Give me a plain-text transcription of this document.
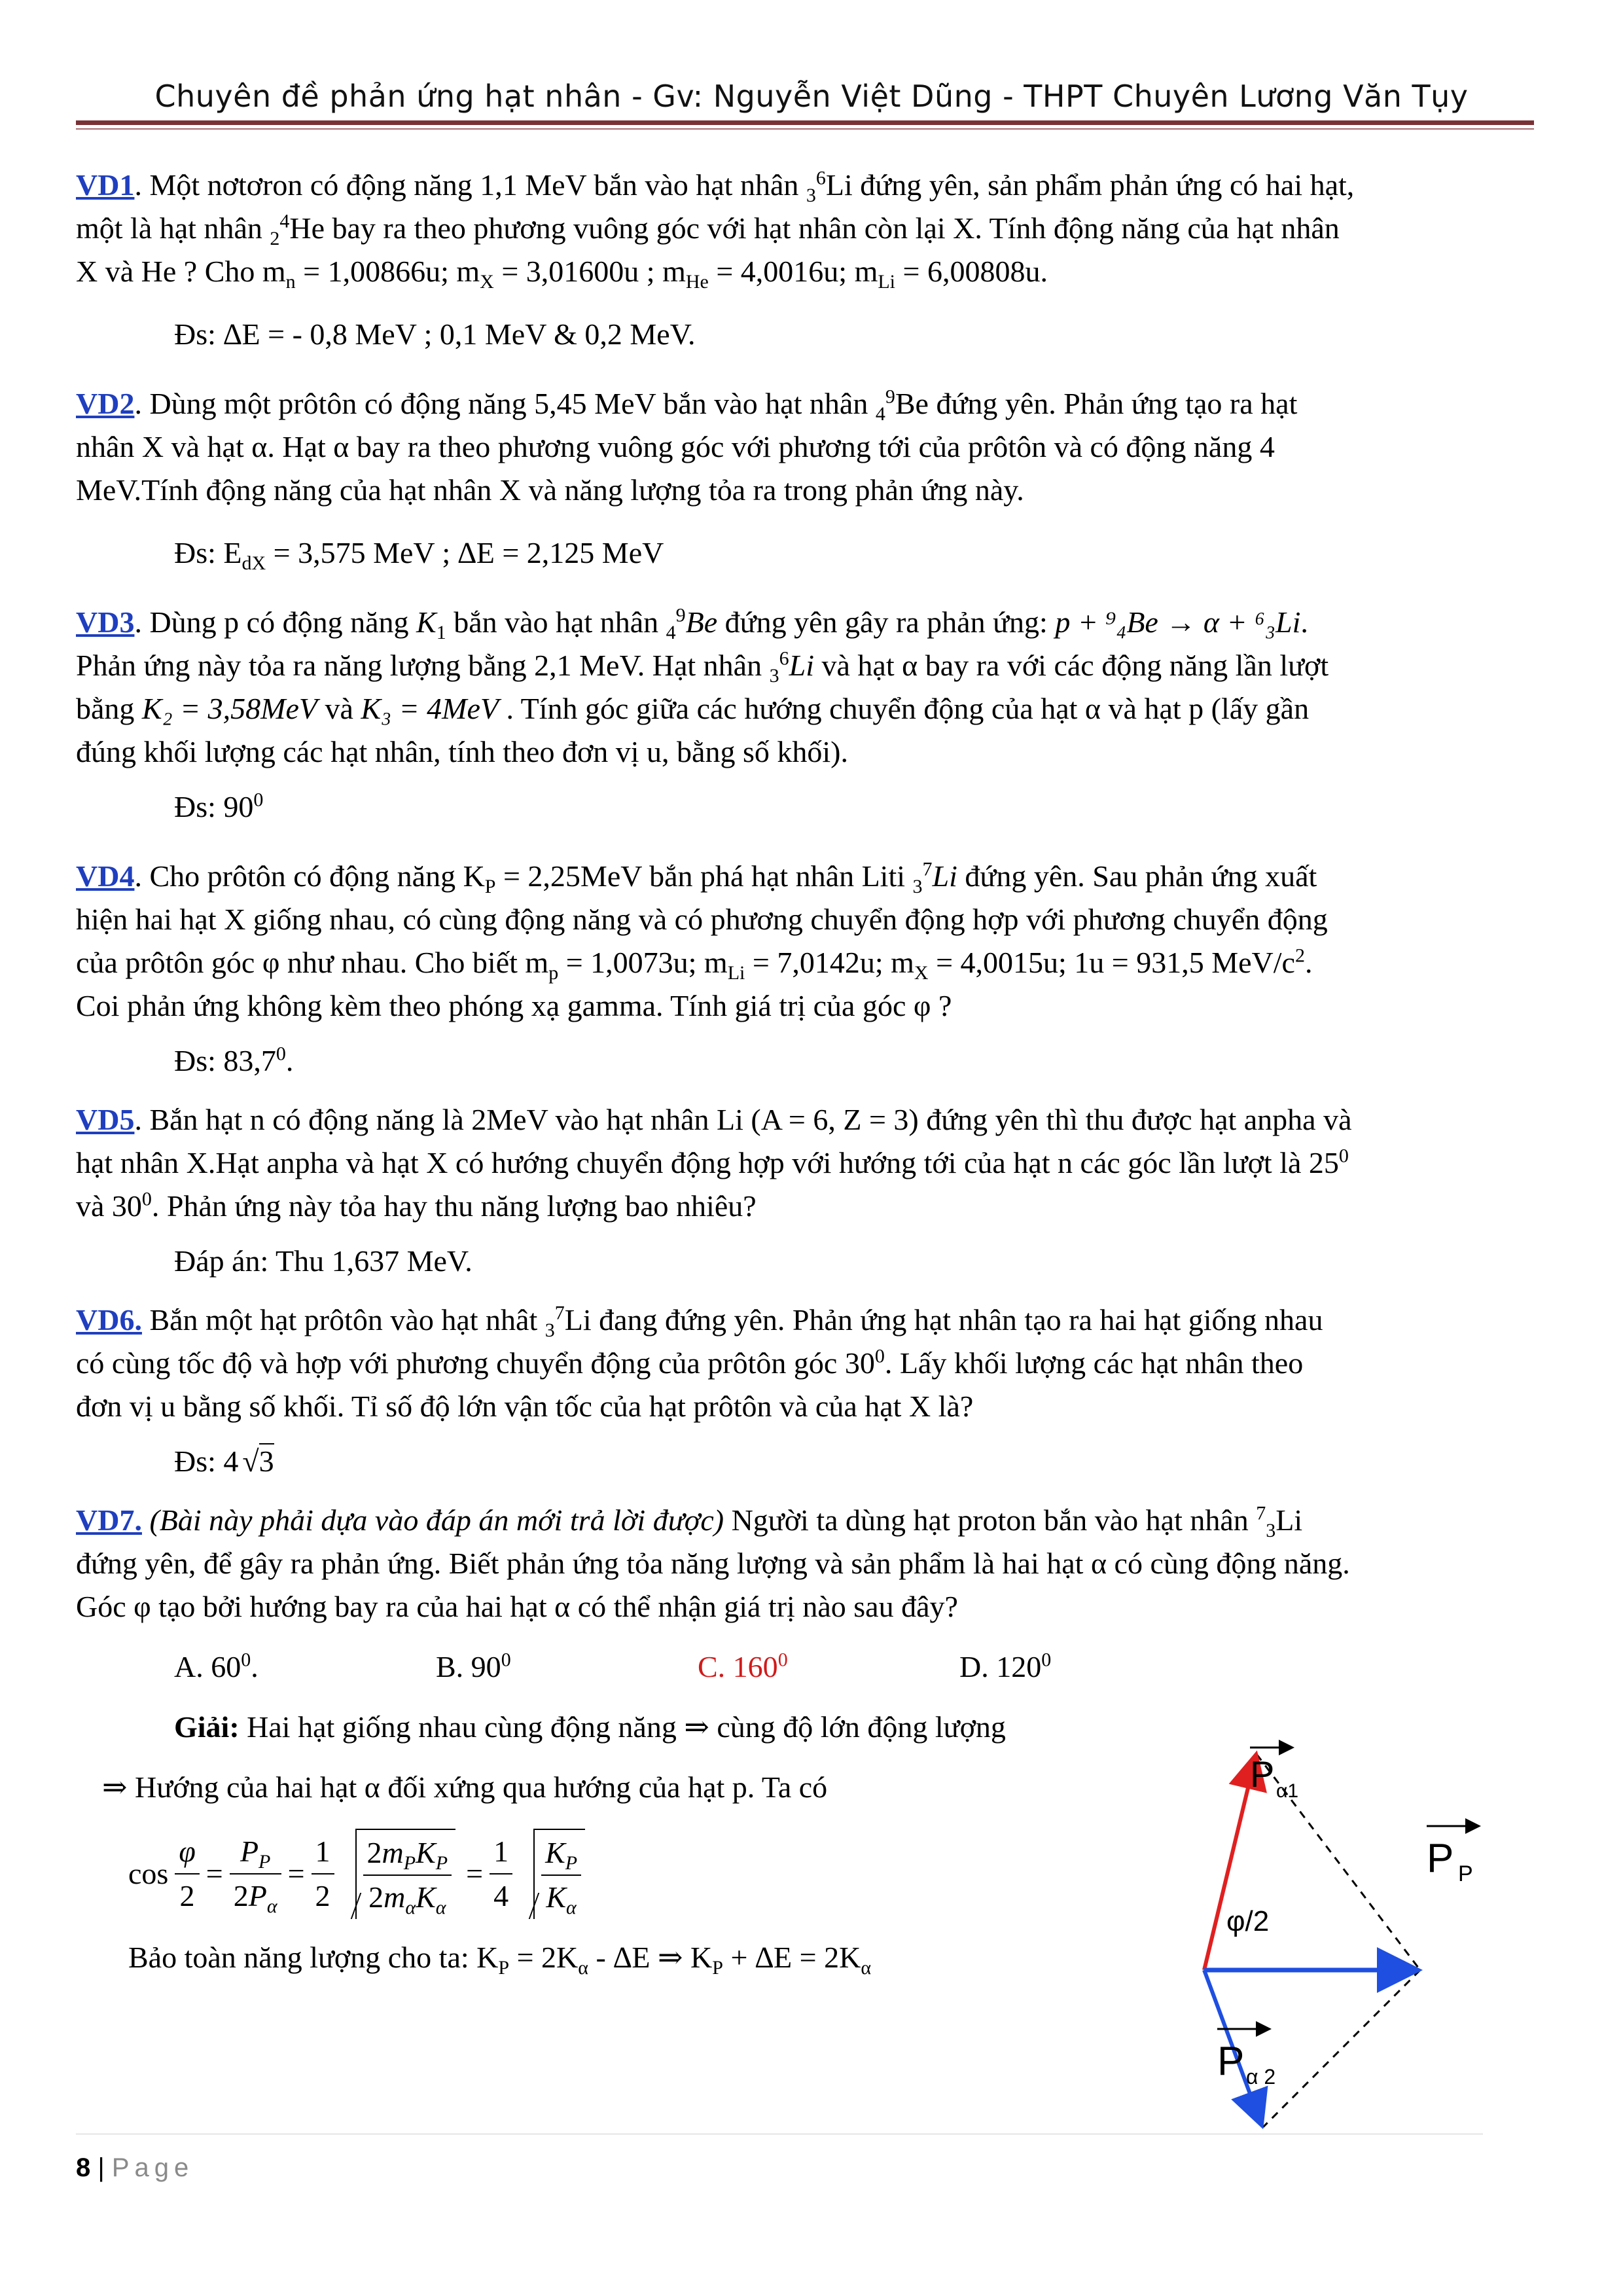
Chuyên đề phản ứng hạt nhân - Gv: Nguyễn Việt Dũng - THPT Chuyên Lương Văn Tụy

VD1. Một nơtơron có động năng 1,1 MeV bắn vào hạt nhân $_3^6$Li đứng yên, sản phẩm phản ứng có hai hạt,
một là hạt nhân $_2^4$He bay ra theo phương vuông góc với hạt nhân còn lại X. Tính động năng của hạt nhân
X và He ? Cho $m_n = 1,00866u$; $m_X = 3,01600u$ ; $m_{He} = 4,0016u$; $m_{Li} = 6,00808u$.

Đs: ∆E = - 0,8 MeV ; 0,1 MeV & 0,2 MeV.

VD2. Dùng một prôtôn có động năng 5,45 MeV bắn vào hạt nhân $_4^9$Be đứng yên. Phản ứng tạo ra hạt
nhân X và hạt α. Hạt α bay ra theo phương vuông góc với phương tới của prôtôn và có động năng 4
MeV.Tính động năng của hạt nhân X và năng lượng tỏa ra trong phản ứng này.

Đs: $E_{dX} = 3,575$ MeV ; ∆E = 2,125 MeV

VD3. Dùng p có động năng $K_1$ bắn vào hạt nhân $_4^9$Be đứng yên gây ra phản ứng: p + ⁹₄Be → α + ⁶₃Li.
Phản ứng này tỏa ra năng lượng bằng 2,1 MeV. Hạt nhân $_3^6$Li và hạt α bay ra với các động năng lần lượt
bằng K₂ = 3,58MeV và K₃ = 4MeV . Tính góc giữa các hướng chuyển động của hạt α và hạt p (lấy gần
đúng khối lượng các hạt nhân, tính theo đơn vị u, bằng số khối).

Đs: $90^0$

VD4. Cho prôtôn có động năng $K_P = 2,25MeV$ bắn phá hạt nhân Liti $_3^7$Li đứng yên. Sau phản ứng xuất
hiện hai hạt X giống nhau, có cùng động năng và có phương chuyển động hợp với phương chuyển động
của prôtôn góc φ như nhau. Cho biết $m_p = 1,0073u$; $m_{Li} = 7,0142u$; $m_X = 4,0015u$; 1u = 931,5 MeV/$c^2$.
Coi phản ứng không kèm theo phóng xạ gamma. Tính giá trị của góc φ ?

Đs: 83,7$^0$.

VD5. Bắn hạt n có động năng là 2MeV vào hạt nhân Li (A = 6, Z = 3) đứng yên thì thu được hạt anpha và
hạt nhân X.Hạt anpha và hạt X có hướng chuyển động hợp với hướng tới của hạt n các góc lần lượt là $25^0$
và $30^0$. Phản ứng này tỏa hay thu năng lượng bao nhiêu?

Đáp án: Thu 1,637 MeV.

VD6. Bắn một hạt prôtôn vào hạt nhât $_3^7$Li đang đứng yên. Phản ứng hạt nhân tạo ra hai hạt giống nhau
có cùng tốc độ và hợp với phương chuyển động của prôtôn góc $30^0$. Lấy khối lượng các hạt nhân theo
đơn vị u bằng số khối. Tỉ số độ lớn vận tốc của hạt prôtôn và của hạt X là?

Đs: 4 √3

VD7. (Bài này phải dựa vào đáp án mới trả lời được) Người ta dùng hạt proton bắn vào hạt nhân $^7_3$Li
đứng yên, để gây ra phản ứng. Biết phản ứng tỏa năng lượng và sản phẩm là hai hạt α có cùng động năng.
Góc φ tạo bởi hướng bay ra của hai hạt α có thể nhận giá trị nào sau đây?

A. $60^0$.	B. $90^0$	C. $160^0$	D. $120^0$

Giải: Hai hạt giống nhau cùng động năng ⇒ cùng độ lớn động lượng

⇒ Hướng của hai hạt α đối xứng qua hướng của hạt p. Ta có

$\cos \frac{\varphi}{2} = \frac{P_P}{2P_\alpha} = \frac{1}{2} \frac{2m_PK_P}{2m_\alpha K_\alpha} = \frac{1}{4} \frac{K_P}{K_\alpha}$

Bảo toàn năng lượng cho ta: $K_P = 2K_\alpha - \Delta E$ ⇒ $K_P + \Delta E = 2K_\alpha$

P α1
P P
φ/2
P α 2
8 | Page
